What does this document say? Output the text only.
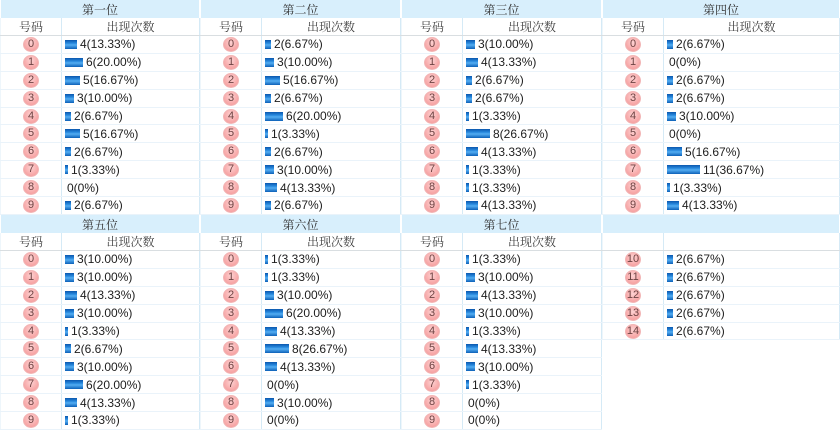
第一位
号码	出现次数
0	4(13.33%)
1	6(20.00%)
2	5(16.67%)
3	3(10.00%)
4	2(6.67%)
5	5(16.67%)
6	2(6.67%)
7	1(3.33%)
8	0(0%)
9	2(6.67%)
第二位
号码	出现次数
0	2(6.67%)
1	3(10.00%)
2	5(16.67%)
3	2(6.67%)
4	6(20.00%)
5	1(3.33%)
6	2(6.67%)
7	3(10.00%)
8	4(13.33%)
9	2(6.67%)
第三位
号码	出现次数
0	3(10.00%)
1	4(13.33%)
2	2(6.67%)
3	2(6.67%)
4	1(3.33%)
5	8(26.67%)
6	4(13.33%)
7	1(3.33%)
8	1(3.33%)
9	4(13.33%)
第四位
号码	出现次数
0	2(6.67%)
1	0(0%)
2	2(6.67%)
3	2(6.67%)
4	3(10.00%)
5	0(0%)
6	5(16.67%)
7	11(36.67%)
8	1(3.33%)
9	4(13.33%)
第五位
号码	出现次数
0	3(10.00%)
1	3(10.00%)
2	4(13.33%)
3	3(10.00%)
4	1(3.33%)
5	2(6.67%)
6	3(10.00%)
7	6(20.00%)
8	4(13.33%)
9	1(3.33%)
第六位
号码	出现次数
0	1(3.33%)
1	1(3.33%)
2	3(10.00%)
3	6(20.00%)
4	4(13.33%)
5	8(26.67%)
6	4(13.33%)
7	0(0%)
8	3(10.00%)
9	0(0%)
第七位
号码	出现次数
0	1(3.33%)
1	3(10.00%)
2	4(13.33%)
3	3(10.00%)
4	1(3.33%)
5	4(13.33%)
6	3(10.00%)
7	1(3.33%)
8	0(0%)
9	0(0%)
10	2(6.67%)
11	2(6.67%)
12	2(6.67%)
13	2(6.67%)
14	2(6.67%)
